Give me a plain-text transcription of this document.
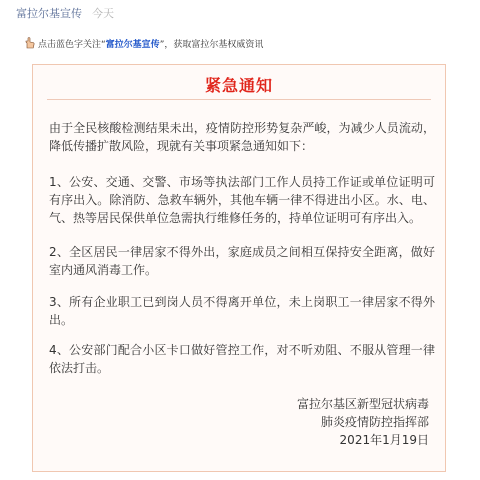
富拉尔基宣传 今天
点击蓝色字关注“ 富拉尔基宣传 ”，获取富拉尔基权威资讯
紧急通知
由于全民核酸检测结果未出，疫情防控形势复杂严峻，为减少人员流动，降低传播扩散风险，现就有关事项紧急通知如下：
1、公安、交通、交警、市场等执法部门工作人员持工作证或单位证明可有序出入。除消防、急救车辆外，其他车辆一律不得进出小区。水、电、气、热等居民保供单位急需执行维修任务的，持单位证明可有序出入。
2、全区居民一律居家不得外出，家庭成员之间相互保持安全距离，做好室内通风消毒工作。
3、所有企业职工已到岗人员不得离开单位，未上岗职工一律居家不得外出。
4、公安部门配合小区卡口做好管控工作，对不听劝阻、不服从管理一律依法打击。
富拉尔基区新型冠状病毒
肺炎疫情防控指挥部
2021年1月19日
